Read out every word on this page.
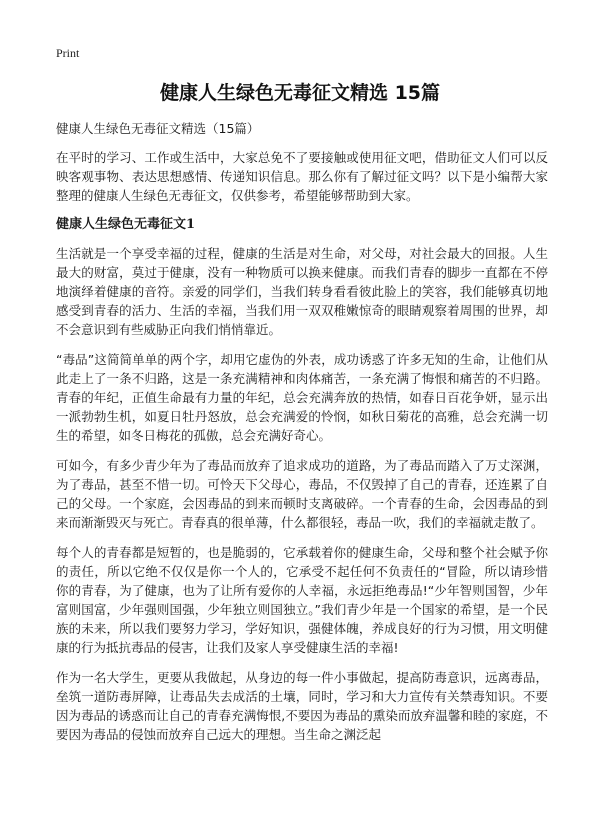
Print
健康人生绿色无毒征文精选 15篇

健康人生绿色无毒征文精选（15篇）

在平时的学习、工作或生活中，大家总免不了要接触或使用征文吧，借助征文人们可以反映客观事物、表达思想感情、传递知识信息。那么你有了解过征文吗？以下是小编帮大家整理的健康人生绿色无毒征文，仅供参考，希望能够帮助到大家。

健康人生绿色无毒征文1

生活就是一个享受幸福的过程，健康的生活是对生命，对父母，对社会最大的回报。人生最大的财富，莫过于健康，没有一种物质可以换来健康。而我们青春的脚步一直都在不停地演绎着健康的音符。亲爱的同学们，当我们转身看看彼此脸上的笑容，我们能够真切地感受到青春的活力、生活的幸福，当我们用一双双稚嫩惊奇的眼睛观察着周围的世界，却不会意识到有些威胁正向我们悄悄靠近。

“毒品”这简简单单的两个字，却用它虚伪的外表，成功诱惑了许多无知的生命，让他们从此走上了一条不归路，这是一条充满精神和肉体痛苦，一条充满了悔恨和痛苦的不归路。青春的年纪，正值生命最有力量的年纪，总会充满奔放的热情，如春日百花争妍，显示出一派勃勃生机，如夏日牡丹怒放，总会充满爱的怜悯，如秋日菊花的高雅，总会充满一切生的希望，如冬日梅花的孤傲，总会充满好奇心。

可如今，有多少青少年为了毒品而放弃了追求成功的道路，为了毒品而踏入了万丈深渊，为了毒品，甚至不惜一切。可怜天下父母心，毒品，不仅毁掉了自己的青春，还连累了自己的父母。一个家庭，会因毒品的到来而顿时支离破碎。一个青春的生命，会因毒品的到来而渐渐毁灭与死亡。青春真的很单薄，什么都很轻，毒品一吹，我们的幸福就走散了。

每个人的青春都是短暂的，也是脆弱的，它承载着你的健康生命，父母和整个社会赋予你的责任，所以它绝不仅仅是你一个人的，它承受不起任何不负责任的“冒险，所以请珍惜你的青春，为了健康，也为了让所有爱你的人幸福，永远拒绝毒品!“少年智则国智，少年富则国富，少年强则国强，少年独立则国独立。”我们青少年是一个国家的希望，是一个民族的未来，所以我们要努力学习，学好知识，强健体魄，养成良好的行为习惯，用文明健康的行为抵抗毒品的侵害，让我们及家人享受健康生活的幸福!

作为一名大学生，更要从我做起，从身边的每一件小事做起，提高防毒意识，远离毒品，垒筑一道防毒屏障，让毒品失去成活的土壤，同时，学习和大力宣传有关禁毒知识。不要因为毒品的诱惑而让自己的青春充满悔恨,不要因为毒品的熏染而放弃温馨和睦的家庭，不要因为毒品的侵蚀而放弃自己远大的理想。当生命之渊泛起
